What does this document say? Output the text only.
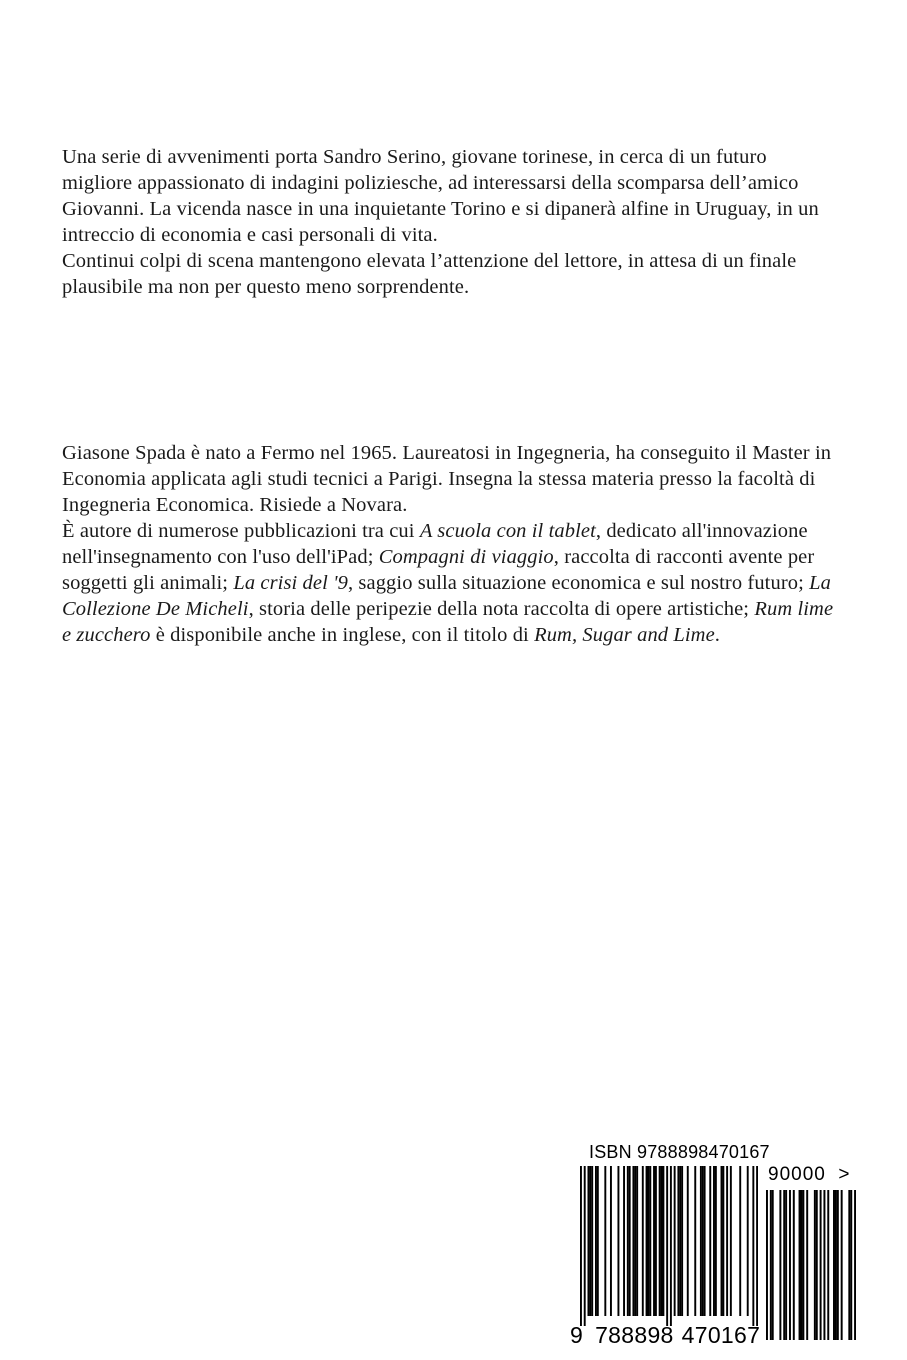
Una serie di avvenimenti porta Sandro Serino, giovane torinese, in cerca di un futuro migliore appassionato di indagini poliziesche, ad interessarsi della scomparsa dell’amico Giovanni. La vicenda nasce in una inquietante Torino e si dipanerà alfine in Uruguay, in un intreccio di economia e casi personali di vita.

Continui colpi di scena mantengono elevata l’attenzione del lettore, in attesa di un finale plausibile ma non per questo meno sorprendente.

Giasone Spada è nato a Fermo nel 1965. Laureatosi in Ingegneria, ha conseguito il Master in Economia applicata agli studi tecnici a Parigi. Insegna la stessa materia presso la facoltà di Ingegneria Economica. Risiede a Novara.

È autore di numerose pubblicazioni tra cui A scuola con il tablet, dedicato all'innovazione nell'insegnamento con l'uso dell'iPad; Compagni di viaggio, raccolta di racconti avente per soggetti gli animali; La crisi del '9, saggio sulla situazione economica e sul nostro futuro; La Collezione De Micheli, storia delle peripezie della nota raccolta di opere artistiche; Rum lime e zucchero è disponibile anche in inglese, con il titolo di Rum, Sugar and Lime.

ISBN 9788898470167
90000 >
9 788898 470167
